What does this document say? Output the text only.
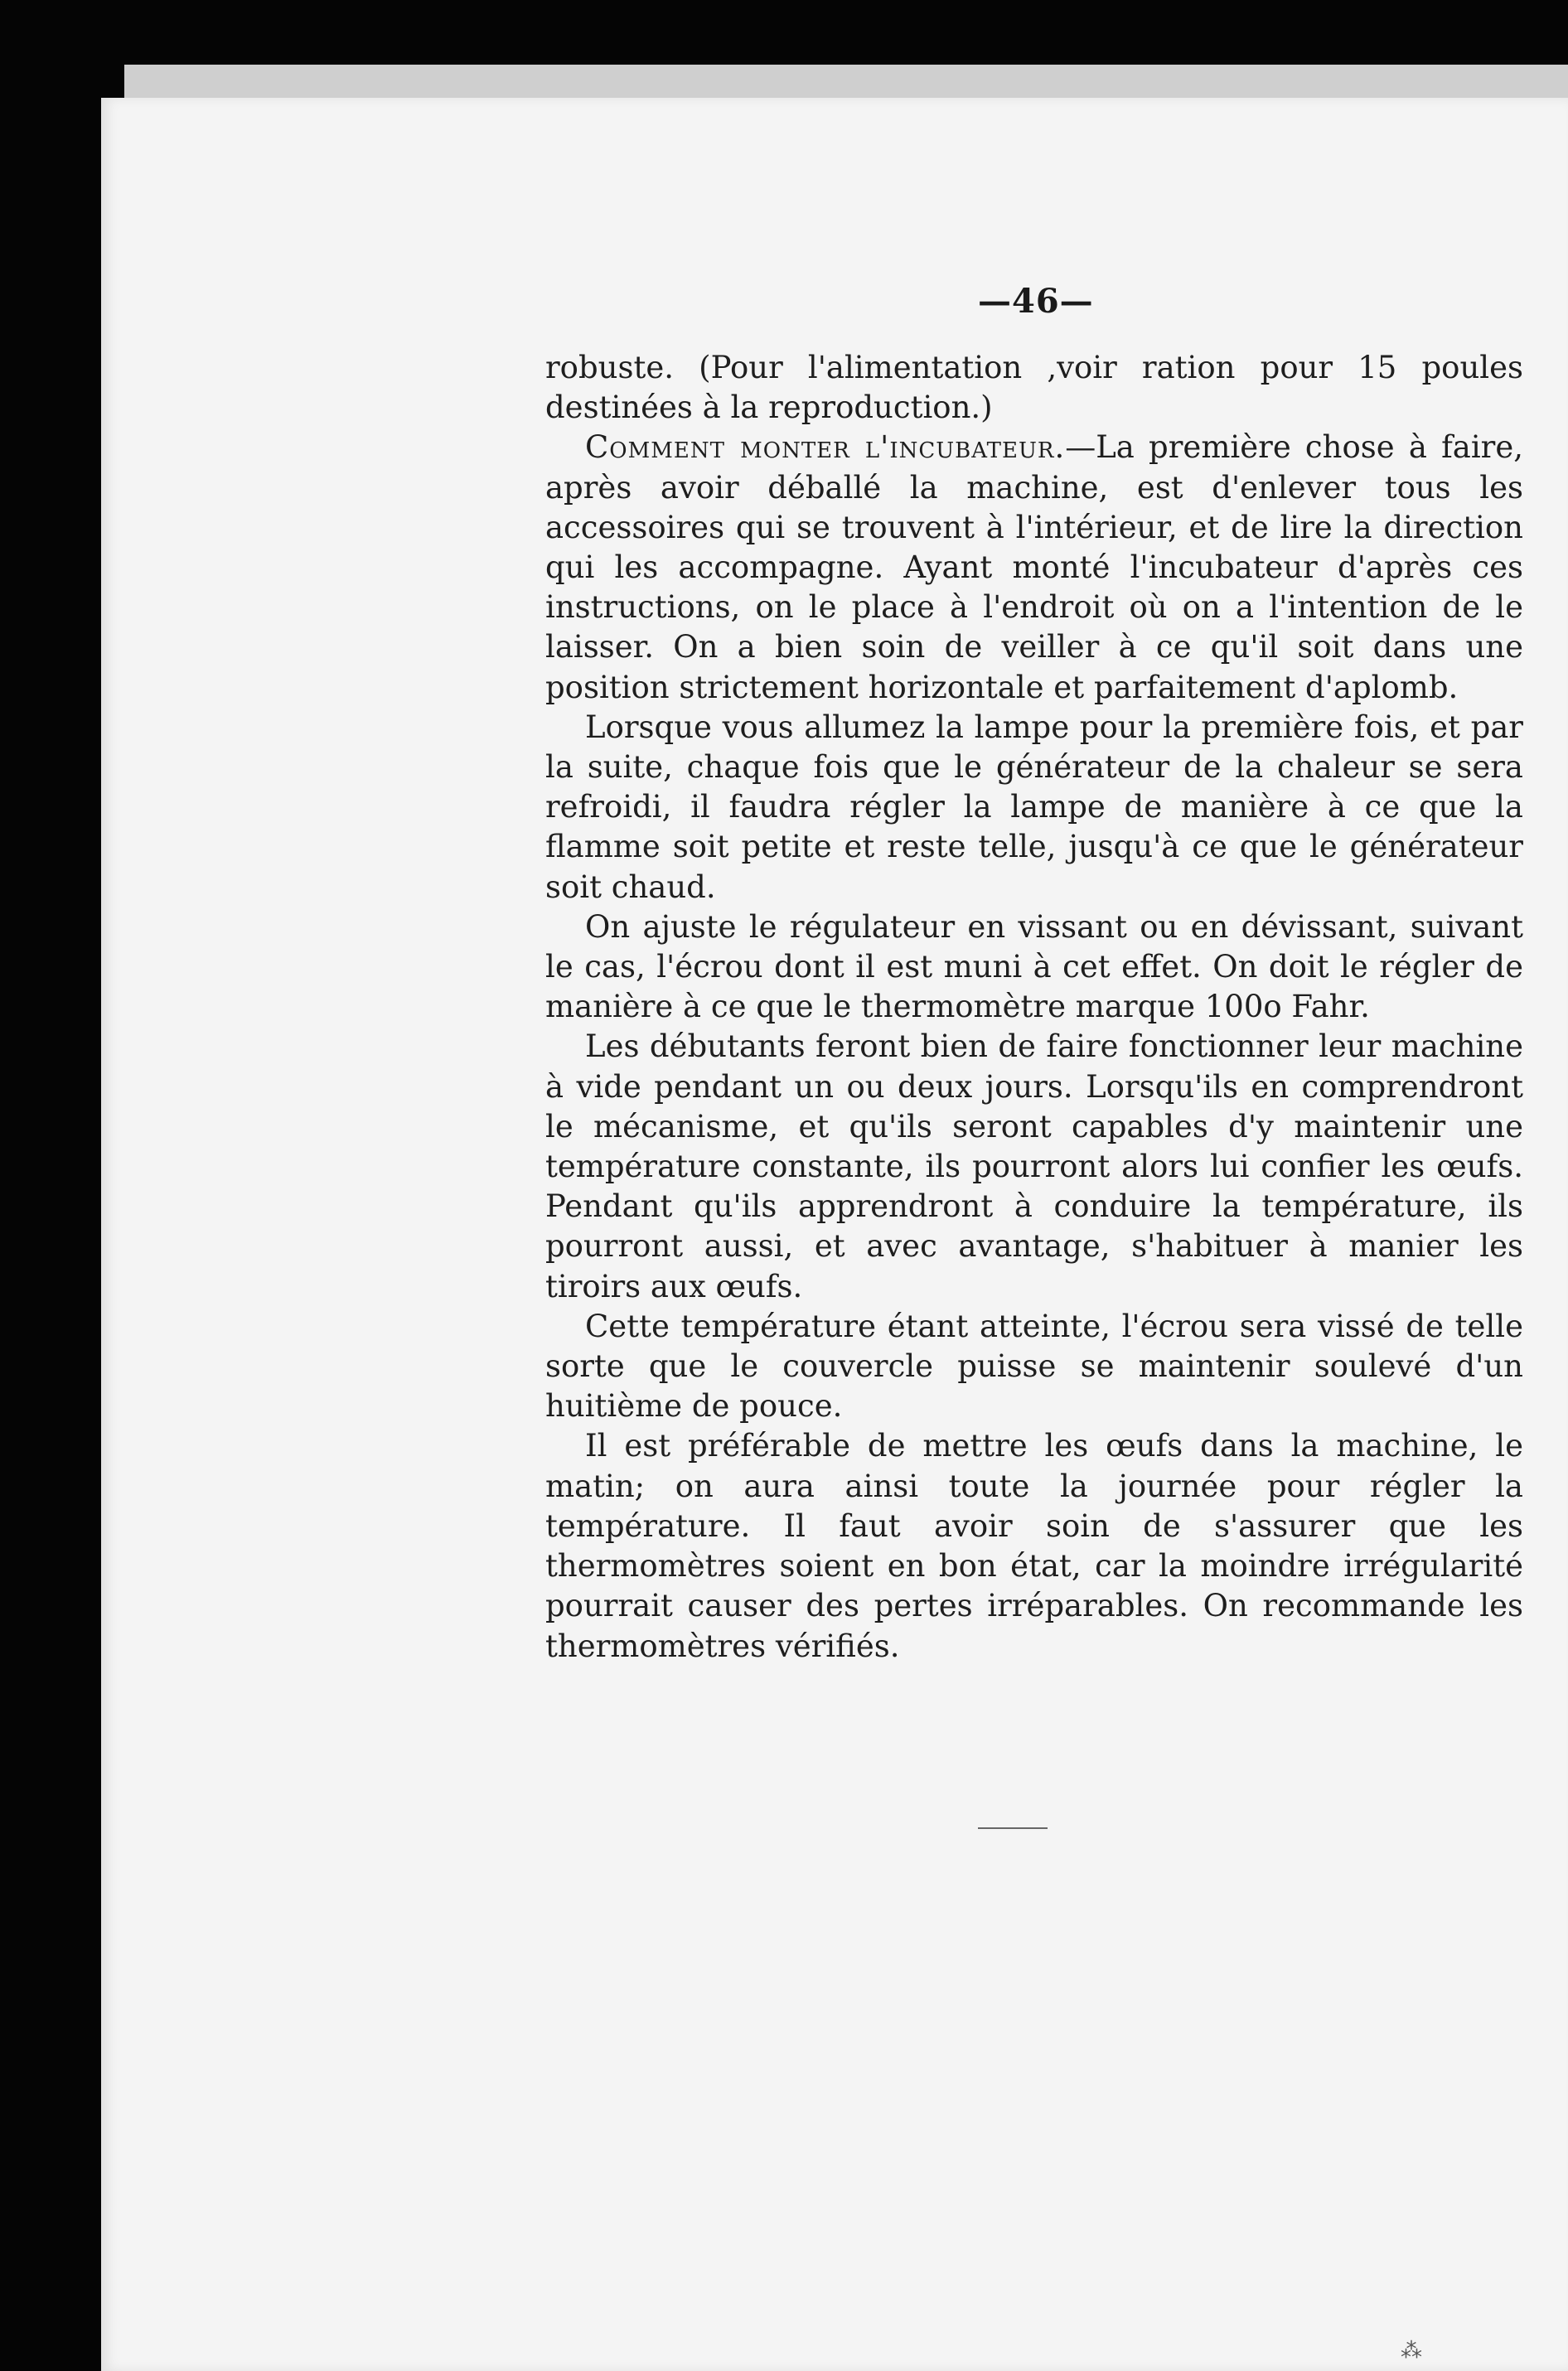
—46—

robuste. (Pour l'alimentation ,voir ration pour 15 poules destinées à la reproduction.)

Comment monter l'incubateur.—La première chose à faire, après avoir déballé la machine, est d'enlever tous les accessoires qui se trouvent à l'intérieur, et de lire la direction qui les accompagne. Ayant monté l'incubateur d'après ces instructions, on le place à l'endroit où on a l'intention de le laisser. On a bien soin de veiller à ce qu'il soit dans une position strictement horizontale et parfaitement d'aplomb.

Lorsque vous allumez la lampe pour la première fois, et par la suite, chaque fois que le générateur de la chaleur se sera refroidi, il faudra régler la lampe de manière à ce que la flamme soit petite et reste telle, jusqu'à ce que le générateur soit chaud.

On ajuste le régulateur en vissant ou en dévissant, suivant le cas, l'écrou dont il est muni à cet effet. On doit le régler de manière à ce que le thermomètre marque 100o Fahr.

Les débutants feront bien de faire fonctionner leur machine à vide pendant un ou deux jours. Lorsqu'ils en comprendront le mécanisme, et qu'ils seront capables d'y maintenir une température constante, ils pourront alors lui confier les œufs. Pendant qu'ils apprendront à conduire la température, ils pourront aussi, et avec avantage, s'habituer à manier les tiroirs aux œufs.

Cette température étant atteinte, l'écrou sera vissé de telle sorte que le couvercle puisse se maintenir soulevé d'un huitième de pouce.

Il est préférable de mettre les œufs dans la machine, le matin; on aura ainsi toute la journée pour régler la température. Il faut avoir soin de s'assurer que les thermomètres soient en bon état, car la moindre irrégularité pourrait causer des pertes irréparables. On recommande les thermomètres vérifiés.

⁂
